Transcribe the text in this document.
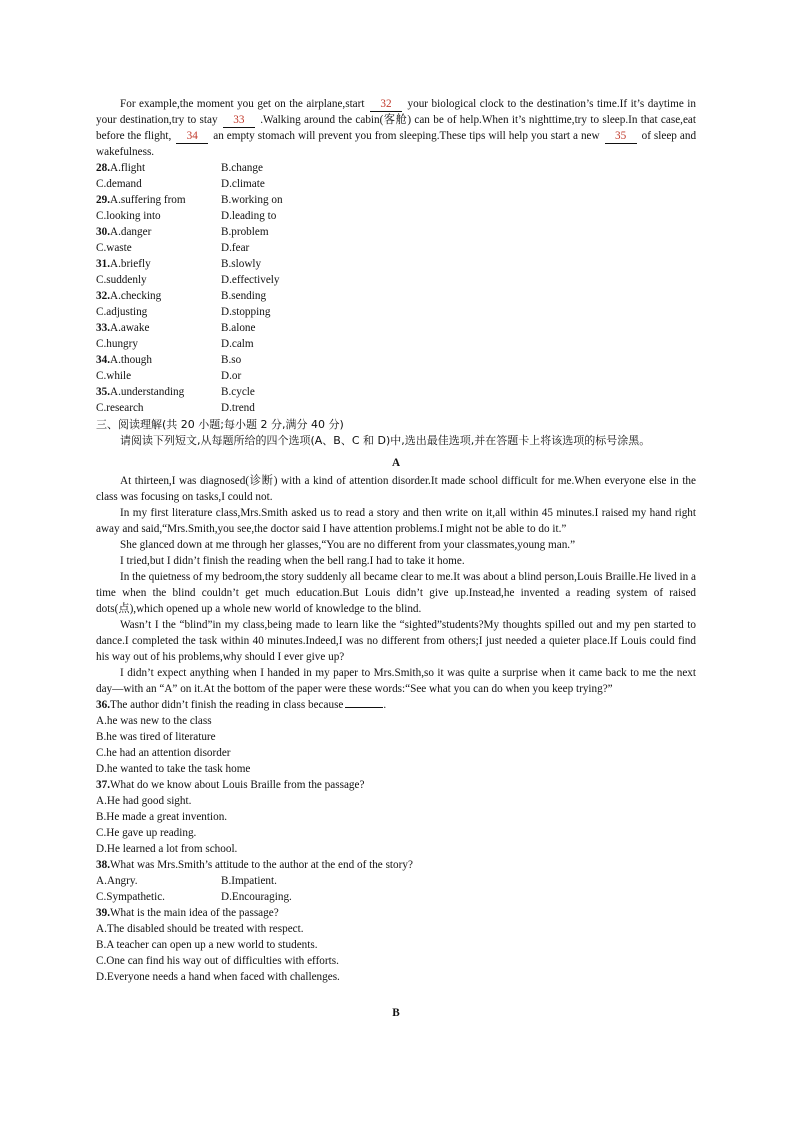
For example,the moment you get on the airplane,start 32 your biological clock to the destination’s time.If it’s daytime in your destination,try to stay 33 .Walking around the cabin(客舱) can be of help.When it’s nighttime,try to sleep.In that case,eat before the flight, 34 an empty stomach will prevent you from sleeping.These tips will help you start a new 35 of sleep and wakefulness.

28.A.flight	B.change
C.demand	D.climate
29.A.suffering from	B.working on
C.looking into	D.leading to
30.A.danger	B.problem
C.waste	D.fear
31.A.briefly	B.slowly
C.suddenly	D.effectively
32.A.checking	B.sending
C.adjusting	D.stopping
33.A.awake	B.alone
C.hungry	D.calm
34.A.though	B.so
C.while	D.or
35.A.understanding	B.cycle
C.research	D.trend

三、阅读理解(共 20 小题;每小题 2 分,满分 40 分)

请阅读下列短文,从每题所给的四个选项(A、B、C 和 D)中,选出最佳选项,并在答题卡上将该选项的标号涂黑。

A

At thirteen,I was diagnosed(诊断) with a kind of attention disorder.It made school difficult for me.When everyone else in the class was focusing on tasks,I could not.

In my first literature class,Mrs.Smith asked us to read a story and then write on it,all within 45 minutes.I raised my hand right away and said,“Mrs.Smith,you see,the doctor said I have attention problems.I might not be able to do it.”

She glanced down at me through her glasses,“You are no different from your classmates,young man.”

I tried,but I didn’t finish the reading when the bell rang.I had to take it home.

In the quietness of my bedroom,the story suddenly all became clear to me.It was about a blind person,Louis Braille.He lived in a time when the blind couldn’t get much education.But Louis didn’t give up.Instead,he invented a reading system of raised dots(点),which opened up a whole new world of knowledge to the blind.

Wasn’t I the “blind”in my class,being made to learn like the “sighted”students?My thoughts spilled out and my pen started to dance.I completed the task within 40 minutes.Indeed,I was no different from others;I just needed a quieter place.If Louis could find his way out of his problems,why should I ever give up?

I didn’t expect anything when I handed in my paper to Mrs.Smith,so it was quite a surprise when it came back to me the next day—with an “A” on it.At the bottom of the paper were these words:“See what you can do when you keep trying?”

36.The author didn’t finish the reading in class because	.

A.he was new to the class

B.he was tired of literature

C.he had an attention disorder

D.he wanted to take the task home

37.What do we know about Louis Braille from the passage?

A.He had good sight.

B.He made a great invention.

C.He gave up reading.

D.He learned a lot from school.

38.What was Mrs.Smith’s attitude to the author at the end of the story?

A.Angry.	B.Impatient.
C.Sympathetic.	D.Encouraging.

39.What is the main idea of the passage?

A.The disabled should be treated with respect.

B.A teacher can open up a new world to students.

C.One can find his way out of difficulties with efforts.

D.Everyone needs a hand when faced with challenges.

B
